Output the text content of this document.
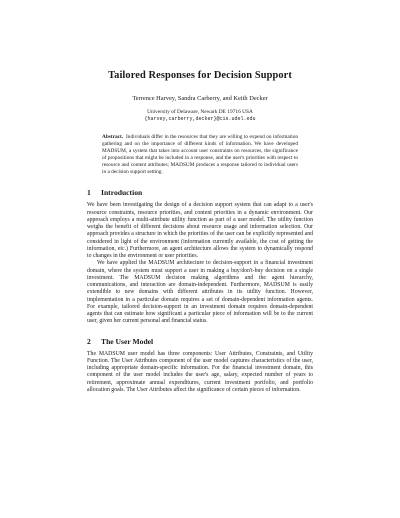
Tailored Responses for Decision Support
Terrence Harvey, Sandra Carberry, and Keith Decker
University of Delaware, Newark DE 19716 USA
{harvey,carberry,decker}@cis.udel.edu
Abstract. Individuals differ in the resources that they are willing to expend on information gathering and on the importance of different kinds of information. We have developed MADSUM, a system that takes into account user constraints on resources, the significance of propositions that might be included in a response, and the user's priorities with respect to resource and content attributes; MADSUM produces a response tailored to individual users in a decision support setting.
1 Introduction

We have been investigating the design of a decision support system that can adapt to a user's resource constraints, resource priorities, and content priorities in a dynamic environment. Our approach employs a multi-attribute utility function as part of a user model. The utility function weighs the benefit of different decisions about resource usage and information selection. Our approach provides a structure in which the priorities of the user can be explicitly represented and considered in light of the environment (information currently available, the cost of getting the information, etc.) Furthermore, an agent architecture allows the system to dynamically respond to changes in the environment or user priorities.

We have applied the MADSUM architecture to decision-support in a financial investment domain, where the system must support a user in making a buy/don't-buy decision on a single investment. The MADSUM decision making algorithms and the agent hierarchy, communications, and interaction are domain-independent. Furthermore, MADSUM is easily extendible to new domains with different attributes in its utility function. However, implementation in a particular domain requires a set of domain-dependent information agents. For example, tailored decision-support in an investment domain requires domain-dependent agents that can estimate how significant a particular piece of information will be to the current user, given her current personal and financial status.

2 The User Model

The MADSUM user model has three components: User Attributes, Constraints, and Utility Function. The User Attributes component of the user model captures characteristics of the user, including appropriate domain-specific information. For the financial investment domain, this component of the user model includes the user's age, salary, expected number of years to retirement, approximate annual expenditures, current investment portfolio, and portfolio allocation goals. The User Attributes affect the significance of certain pieces of information.
